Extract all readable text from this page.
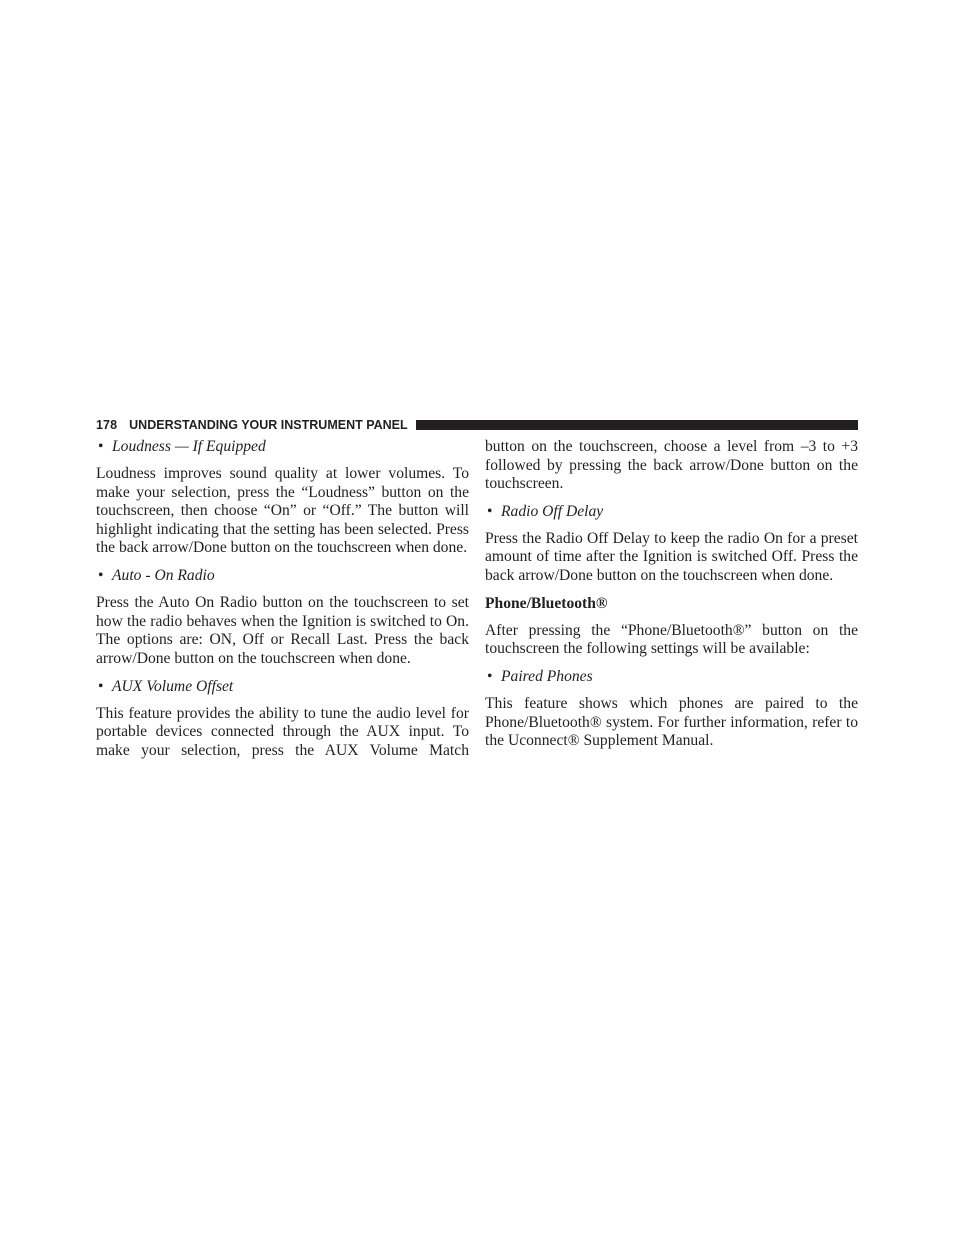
178 UNDERSTANDING YOUR INSTRUMENT PANEL
• Loudness — If Equipped

Loudness improves sound quality at lower volumes. To make your selection, press the “Loudness” button on the touchscreen, then choose “On” or “Off.” The button will highlight indicating that the setting has been selected. Press the back arrow/Done button on the touchscreen when done.

• Auto - On Radio

Press the Auto On Radio button on the touchscreen to set how the radio behaves when the Ignition is switched to On. The options are: ON, Off or Recall Last. Press the back arrow/Done button on the touchscreen when done.

• AUX Volume Offset

This feature provides the ability to tune the audio level for portable devices connected through the AUX input. To make your selection, press the AUX Volume Match

button on the touchscreen, choose a level from –3 to +3 followed by pressing the back arrow/Done button on the touchscreen.

• Radio Off Delay

Press the Radio Off Delay to keep the radio On for a preset amount of time after the Ignition is switched Off. Press the back arrow/Done button on the touchscreen when done.

Phone/Bluetooth®

After pressing the “Phone/Bluetooth®” button on the touchscreen the following settings will be available:

• Paired Phones

This feature shows which phones are paired to the Phone/Bluetooth® system. For further information, refer to the Uconnect® Supplement Manual.
